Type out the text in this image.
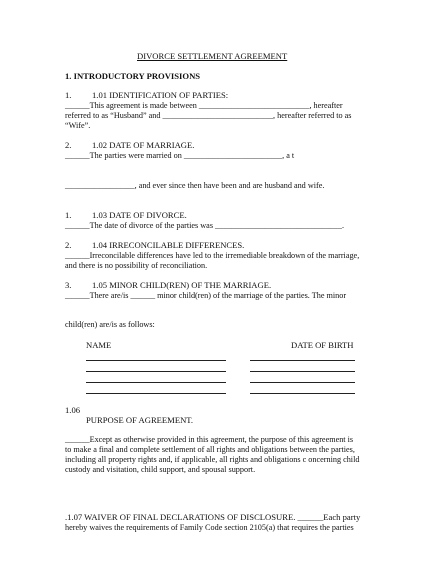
DIVORCE SETTLEMENT AGREEMENT
1. INTRODUCTORY PROVISIONS
1. 1.01 IDENTIFICATION OF PARTIES:
______This agreement is made between ___________________________, hereafter
referred to as “Husband” and ___________________________, hereafter referred to as
“Wife”.
2. 1.02 DATE OF MARRIAGE.
______The parties were married on ________________________, a t
_________________, and ever since then have been and are husband and wife.
1. 1.03 DATE OF DIVORCE.
______The date of divorce of the parties was _______________________________.
2. 1.04 IRRECONCILABLE DIFFERENCES.
______Irreconcilable differences have led to the irremediable breakdown of the marriage,
and there is no possibility of reconciliation.
3. 1.05 MINOR CHILD(REN) OF THE MARRIAGE.
______There are/is ______ minor child(ren) of the marriage of the parties. The minor
child(ren) are/is as follows:
NAME	DATE OF BIRTH
1.06
PURPOSE OF AGREEMENT.
______Except as otherwise provided in this agreement, the purpose of this agreement is
to make a final and complete settlement of all rights and obligations between the parties,
including all property rights and, if applicable, all rights and obligations c oncerning child
custody and visitation, child support, and spousal support.
.1.07 WAIVER OF FINAL DECLARATIONS OF DISCLOSURE. ______Each party
hereby waives the requirements of Family Code section 2105(a) that requires the parties
